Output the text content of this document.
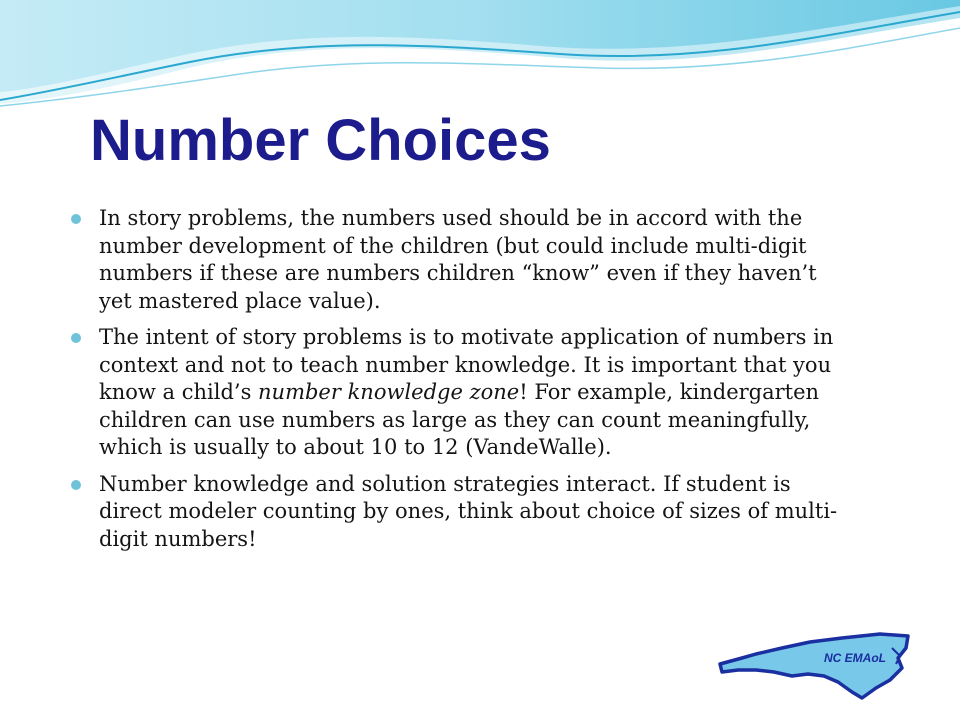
Number Choices
In story problems, the numbers used should be in accord with the number development of the children (but could include multi-digit numbers if these are numbers children “know” even if they haven’t yet mastered place value).
The intent of story problems is to motivate application of numbers in context and not to teach number knowledge. It is important that you know a child’s number knowledge zone! For example, kindergarten children can use numbers as large as they can count meaningfully, which is usually to about 10 to 12 (VandeWalle).
Number knowledge and solution strategies interact. If student is direct modeler counting by ones, think about choice of sizes of multi-digit numbers!
NC EMAoL
